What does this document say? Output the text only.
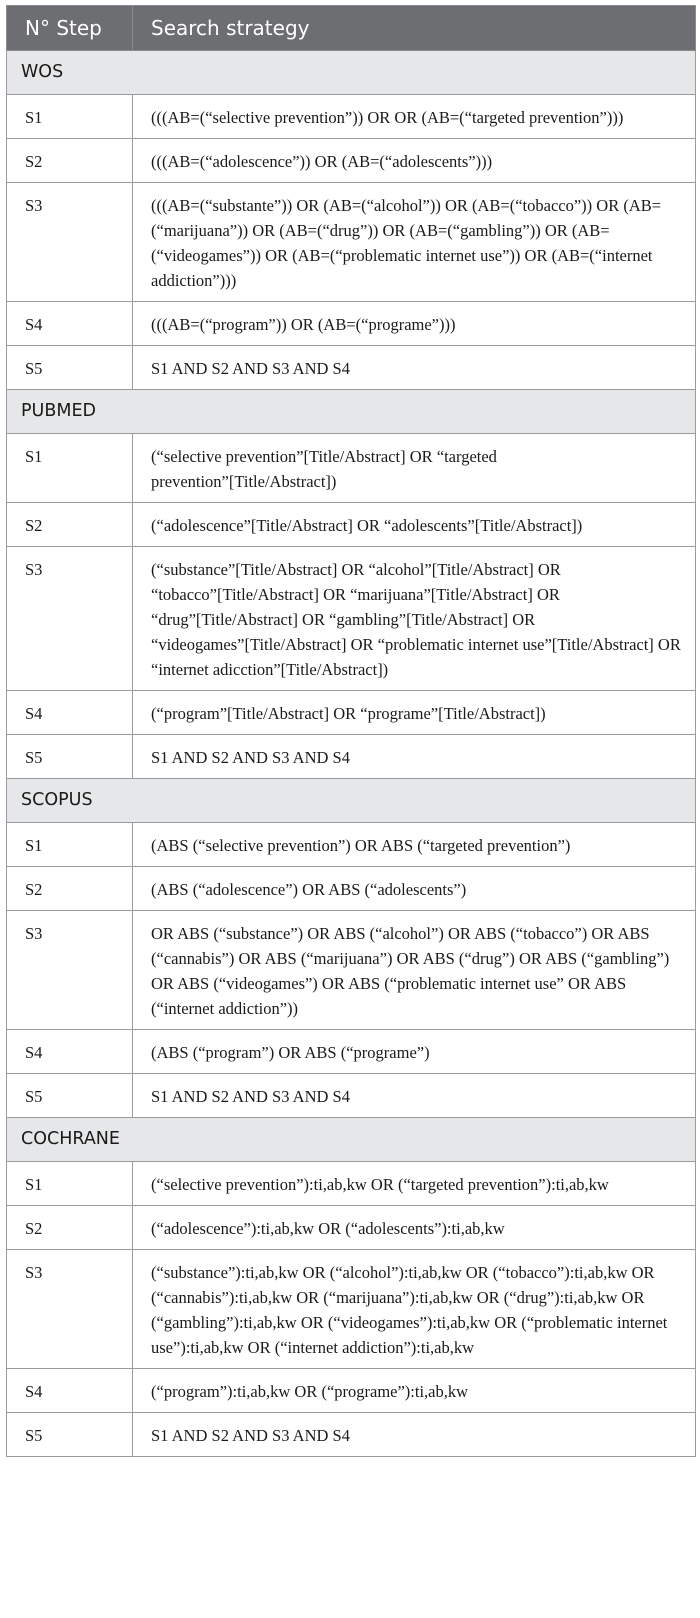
N° Step	Search strategy
WOS	
S1	(((AB=(“selective prevention”)) OR OR (AB=(“targeted prevention”)))
S2	(((AB=(“adolescence”)) OR (AB=(“adolescents”)))
S3	(((AB=(“substante”)) OR (AB=(“alcohol”)) OR (AB=(“tobacco”)) OR (AB=(“marijuana”)) OR (AB=(“drug”)) OR (AB=(“gambling”)) OR (AB=(“videogames”)) OR (AB=(“problematic internet use”)) OR (AB=(“internet addiction”)))
S4	(((AB=(“program”)) OR (AB=(“programe”)))
S5	S1 AND S2 AND S3 AND S4
PUBMED	
S1	(“selective prevention”[Title/Abstract] OR “targeted prevention”[Title/Abstract])
S2	(“adolescence”[Title/Abstract] OR “adolescents”[Title/Abstract])
S3	(“substance”[Title/Abstract] OR “alcohol”[Title/Abstract] OR “tobacco”[Title/Abstract] OR “marijuana”[Title/Abstract] OR “drug”[Title/Abstract] OR “gambling”[Title/Abstract] OR “videogames”[Title/Abstract] OR “problematic internet use”[Title/Abstract] OR “internet adicction”[Title/Abstract])
S4	(“program”[Title/Abstract] OR “programe”[Title/Abstract])
S5	S1 AND S2 AND S3 AND S4
SCOPUS	
S1	(ABS (“selective prevention”) OR ABS (“targeted prevention”)
S2	(ABS (“adolescence”) OR ABS (“adolescents”)
S3	OR ABS (“substance”) OR ABS (“alcohol”) OR ABS (“tobacco”) OR ABS (“cannabis”) OR ABS (“marijuana”) OR ABS (“drug”) OR ABS (“gambling”) OR ABS (“videogames”) OR ABS (“problematic internet use” OR ABS (“internet addiction”))
S4	(ABS (“program”) OR ABS (“programe”)
S5	S1 AND S2 AND S3 AND S4
COCHRANE	
S1	(“selective prevention”):ti,ab,kw OR (“targeted prevention”):ti,ab,kw
S2	(“adolescence”):ti,ab,kw OR (“adolescents”):ti,ab,kw
S3	(“substance”):ti,ab,kw OR (“alcohol”):ti,ab,kw OR (“tobacco”):ti,ab,kw OR (“cannabis”):ti,ab,kw OR (“marijuana”):ti,ab,kw OR (“drug”):ti,ab,kw OR (“gambling”):ti,ab,kw OR (“videogames”):ti,ab,kw OR (“problematic internet use”):ti,ab,kw OR (“internet addiction”):ti,ab,kw
S4	(“program”):ti,ab,kw OR (“programe”):ti,ab,kw
S5	S1 AND S2 AND S3 AND S4
